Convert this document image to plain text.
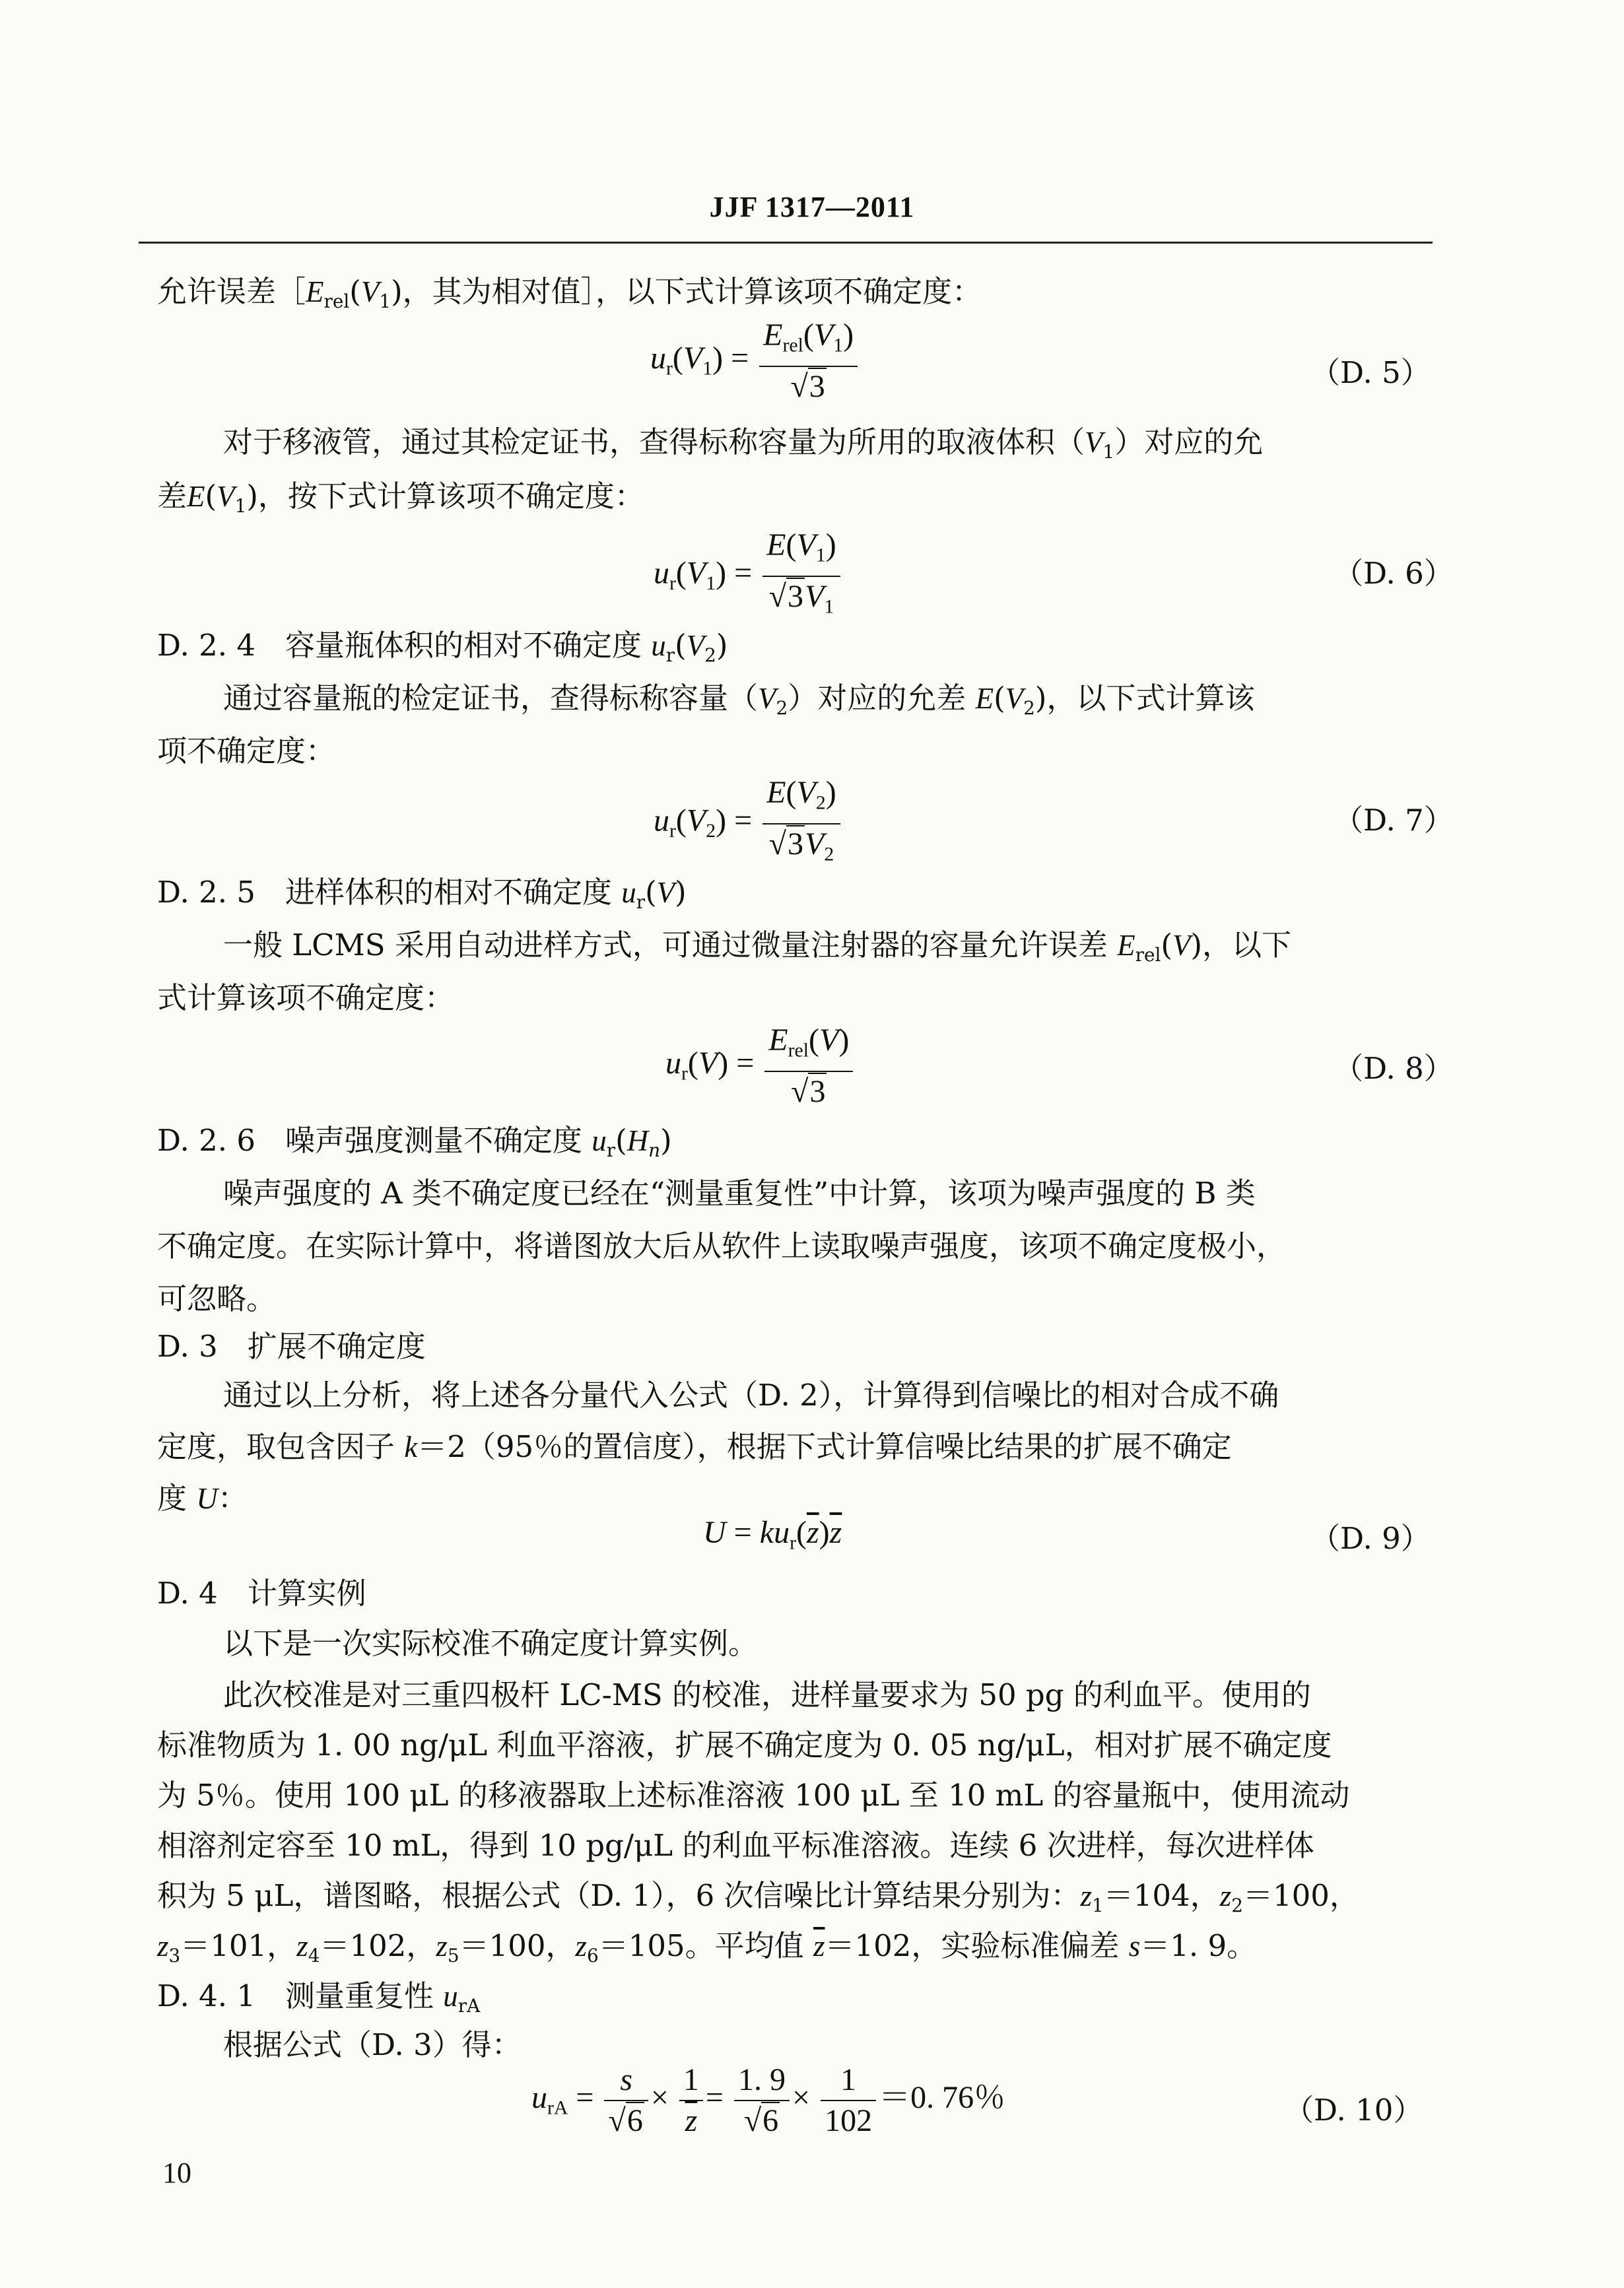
JJF 1317—2011
允许误差［Erel(V1)，其为相对值］，以下式计算该项不确定度：
$ur(V1) = \frac{\text{Erel(V1)}}{√3}$	（D. 5）
对于移液管，通过其检定证书，查得标称容量为所用的取液体积（V1）对应的允
差E(V1)，按下式计算该项不确定度：
$ur(V1) = \frac{E(V1)}{√3V1}$	（D. 6）
D. 2. 4　容量瓶体积的相对不确定度 ur(V2)
通过容量瓶的检定证书，查得标称容量（V2）对应的允差 E(V2)，以下式计算该
项不确定度：
$ur(V2) = \frac{E(V2)}{√3V2}$	（D. 7）
D. 2. 5　进样体积的相对不确定度 ur(V)
一般 LCMS 采用自动进样方式，可通过微量注射器的容量允许误差 Erel(V)，以下
式计算该项不确定度：
$ur(V) = \frac{\text{Erel(V)}}{√3}$	（D. 8）
D. 2. 6　噪声强度测量不确定度 ur(Hn)
噪声强度的 A 类不确定度已经在“测量重复性”中计算，该项为噪声强度的 B 类
不确定度。在实际计算中，将谱图放大后从软件上读取噪声强度，该项不确定度极小，
可忽略。
D. 3　扩展不确定度
通过以上分析，将上述各分量代入公式（D. 2），计算得到信噪比的相对合成不确
定度，取包含因子 k＝2（95％的置信度），根据下式计算信噪比结果的扩展不确定
度 U：
$U = kur(\overline{z})\overline{z}$	（D. 9）
D. 4　计算实例
以下是一次实际校准不确定度计算实例。
此次校准是对三重四极杆 LC-MS 的校准，进样量要求为 50 pg 的利血平。使用的
标准物质为 1. 00 ng/μL 利血平溶液，扩展不确定度为 0. 05 ng/μL，相对扩展不确定度
为 5％。使用 100 μL 的移液器取上述标准溶液 100 μL 至 10 mL 的容量瓶中，使用流动
相溶剂定容至 10 mL，得到 10 pg/μL 的利血平标准溶液。连续 6 次进样，每次进样体
积为 5 μL，谱图略，根据公式（D. 1），6 次信噪比计算结果分别为：z1＝104，z2＝100，
z3＝101，z4＝102，z5＝100，z6＝105。平均值 $\overline{z}=102$，实验标准偏差 s＝1. 9。
D. 4. 1　测量重复性 urA
根据公式（D. 3）得：
urA = $\frac{s}{√6} \times \frac{1}{z} = \frac{1. 9}{√6} \times \frac{1}{102} =0$. 76％	（D. 10）
10
